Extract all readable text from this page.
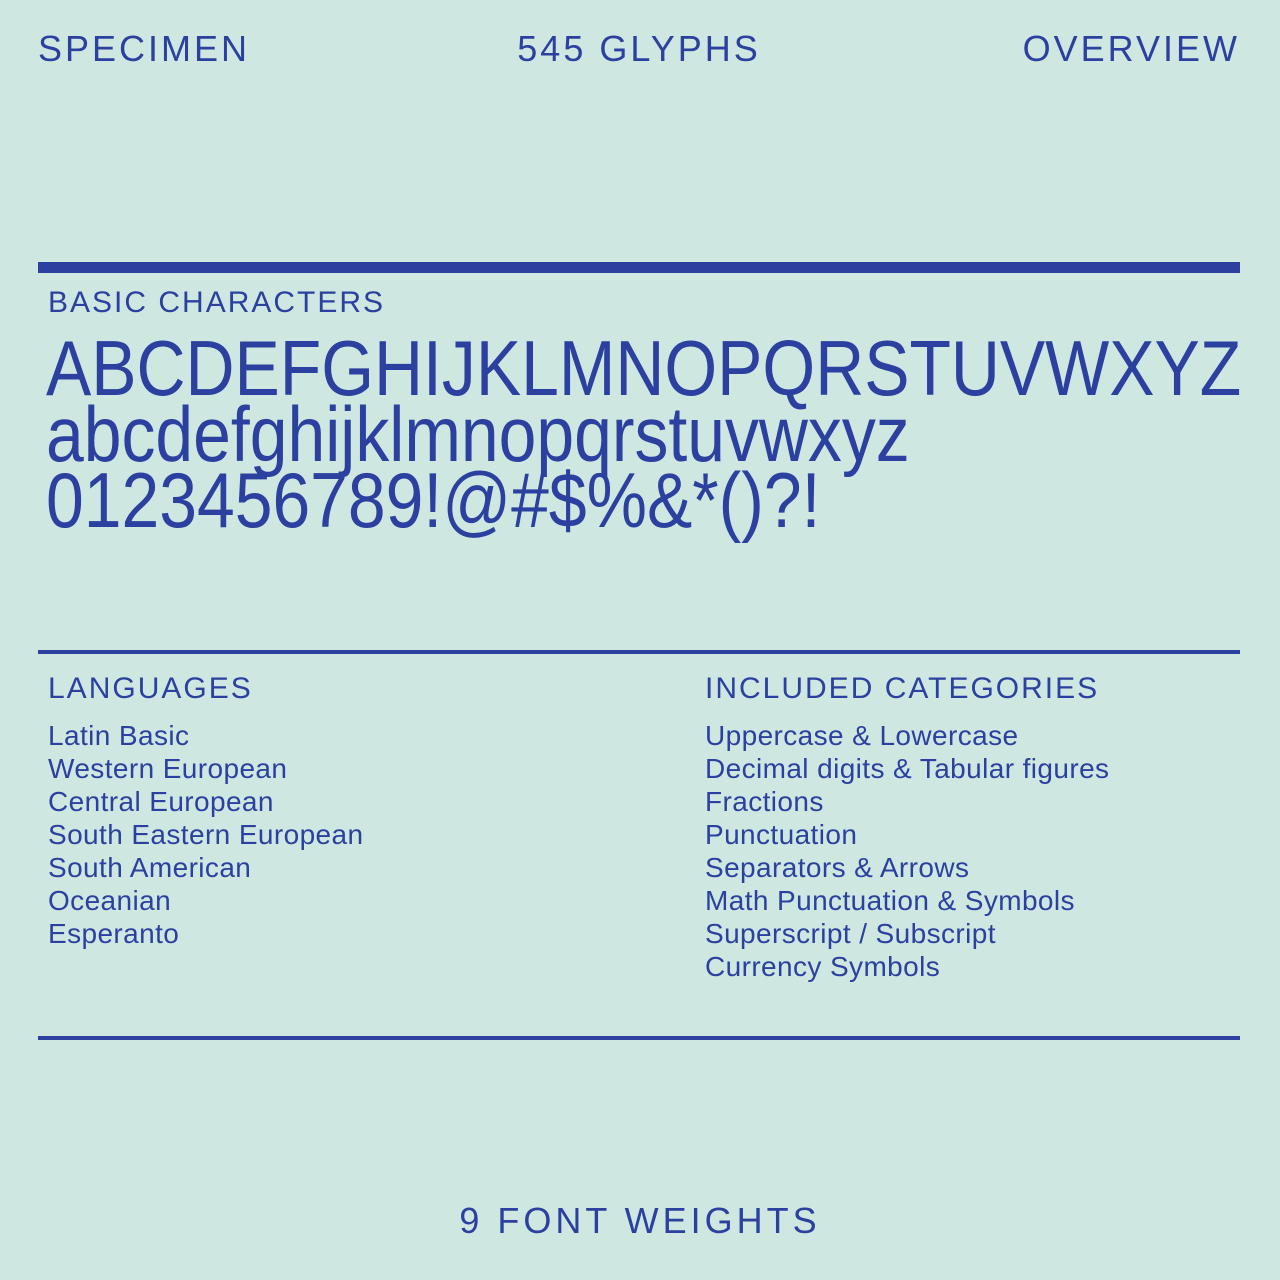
SPECIMEN	545 GLYPHS	OVERVIEW
BASIC CHARACTERS
ABCDEFGHIJKLMNOPQRSTUVWXYZ
abcdefghijklmnopqrstuvwxyz
0123456789!@#$%&*()?!
LANGUAGES
Latin Basic
Western European
Central European
South Eastern European
South American
Oceanian
Esperanto
INCLUDED CATEGORIES
Uppercase & Lowercase
Decimal digits & Tabular figures
Fractions
Punctuation
Separators & Arrows
Math Punctuation & Symbols
Superscript / Subscript
Currency Symbols
9 FONT WEIGHTS
